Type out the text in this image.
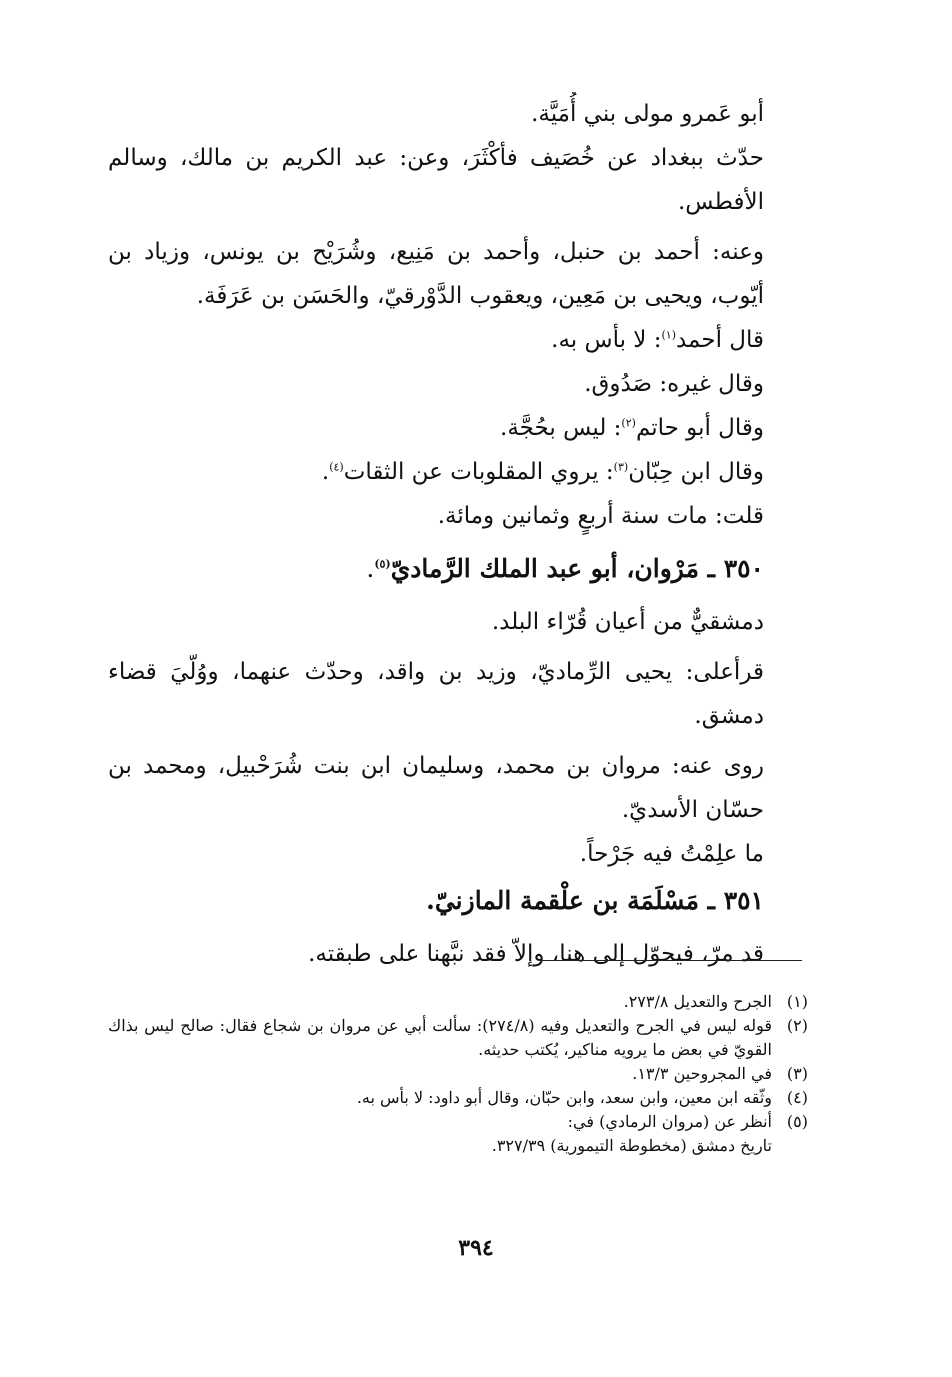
أبو عَمرو مولى بني أُمَيَّة.
حدّث ببغداد عن خُصَيف فأكْثَرَ، وعن: عبد الكريم بن مالك، وسالم الأفطس.
وعنه: أحمد بن حنبل، وأحمد بن مَنِيع، وشُرَيْح بن يونس، وزياد بن أيّوب، ويحيى بن مَعِين، ويعقوب الدَّوْرقيّ، والحَسَن بن عَرَفَة.
قال أحمد$^{(١)}$: لا بأس به.
وقال غيره: صَدُوق.
وقال أبو حاتم$^{(٢)}$: ليس بحُجَّة.
وقال ابن حِبّان$^{(٣)}$: يروي المقلوبات عن الثقات$^{(٤)}$.
قلت: مات سنة أربعٍ وثمانين ومائة.
٣٥٠ ـ مَرْوان، أبو عبد الملك الرَّماديّ$^{(٥)}$.
دمشقيٌّ من أعيان قُرّاء البلد.
قرأعلى: يحيى الرِّماديّ، وزيد بن واقد، وحدّث عنهما، ووُلّيَ قضاء دمشق.
روى عنه: مروان بن محمد، وسليمان ابن بنت شُرَحْبيل، ومحمد بن حسّان الأسديّ.
ما علِمْتُ فيه جَرْحاً.
٣٥١ ـ مَسْلَمَة بن علْقمة المازنيّ.
قد مرّ، فيحوّل إلى هنا، وإلاّ فقد نبَّهنا على طبقته.
(١)
الجرح والتعديل ٢٧٣/٨.
(٢)
قوله ليس في الجرح والتعديل وفيه (٢٧٤/٨): سألت أبي عن مروان بن شجاع فقال: صالح ليس بذاك القويّ في بعض ما يرويه مناكير، يُكتب حديثه.
(٣)
في المجروحين ١٣/٣.
(٤)
وثّقه ابن معين، وابن سعد، وابن حبّان، وقال أبو داود: لا بأس به.
(٥)
أنظر عن (مروان الرمادي) في:
تاريخ دمشق (مخطوطة التيمورية) ٣٢٧/٣٩.
٣٩٤
